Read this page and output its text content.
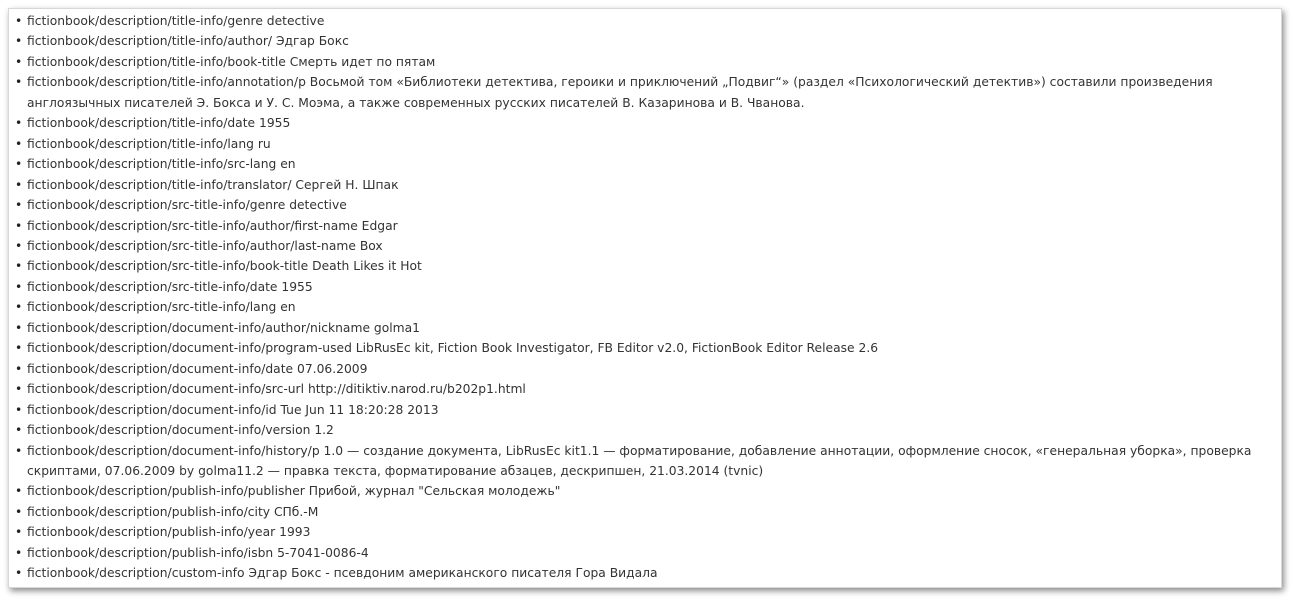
• fictionbook/description/title-info/genre detective
• fictionbook/description/title-info/author/ Эдгар Бокс
• fictionbook/description/title-info/book-title Смерть идет по пятам
• fictionbook/description/title-info/annotation/p Восьмой том «Библиотеки детектива, героики и приключений „Подвиг“» (раздел «Психологический детектив») составили произведения англоязычных писателей Э. Бокса и У. С. Моэма, а также современных русских писателей В. Казаринова и В. Чванова.
• fictionbook/description/title-info/date 1955
• fictionbook/description/title-info/lang ru
• fictionbook/description/title-info/src-lang en
• fictionbook/description/title-info/translator/ Сергей Н. Шпак
• fictionbook/description/src-title-info/genre detective
• fictionbook/description/src-title-info/author/first-name Edgar
• fictionbook/description/src-title-info/author/last-name Box
• fictionbook/description/src-title-info/book-title Death Likes it Hot
• fictionbook/description/src-title-info/date 1955
• fictionbook/description/src-title-info/lang en
• fictionbook/description/document-info/author/nickname golma1
• fictionbook/description/document-info/program-used LibRusEc kit, Fiction Book Investigator, FB Editor v2.0, FictionBook Editor Release 2.6
• fictionbook/description/document-info/date 07.06.2009
• fictionbook/description/document-info/src-url http://ditiktiv.narod.ru/b202p1.html
• fictionbook/description/document-info/id Tue Jun 11 18:20:28 2013
• fictionbook/description/document-info/version 1.2
• fictionbook/description/document-info/history/p 1.0 — создание документа, LibRusEc kit1.1 — форматирование, добавление аннотации, оформление сносок, «генеральная уборка», проверка скриптами, 07.06.2009 by golma11.2 — правка текста, форматирование абзацев, дескрипшен, 21.03.2014 (tvnic)
• fictionbook/description/publish-info/publisher Прибой, журнал "Сельская молодежь"
• fictionbook/description/publish-info/city СПб.-М
• fictionbook/description/publish-info/year 1993
• fictionbook/description/publish-info/isbn 5-7041-0086-4
• fictionbook/description/custom-info Эдгар Бокс - псевдоним американского писателя Гора Видала
